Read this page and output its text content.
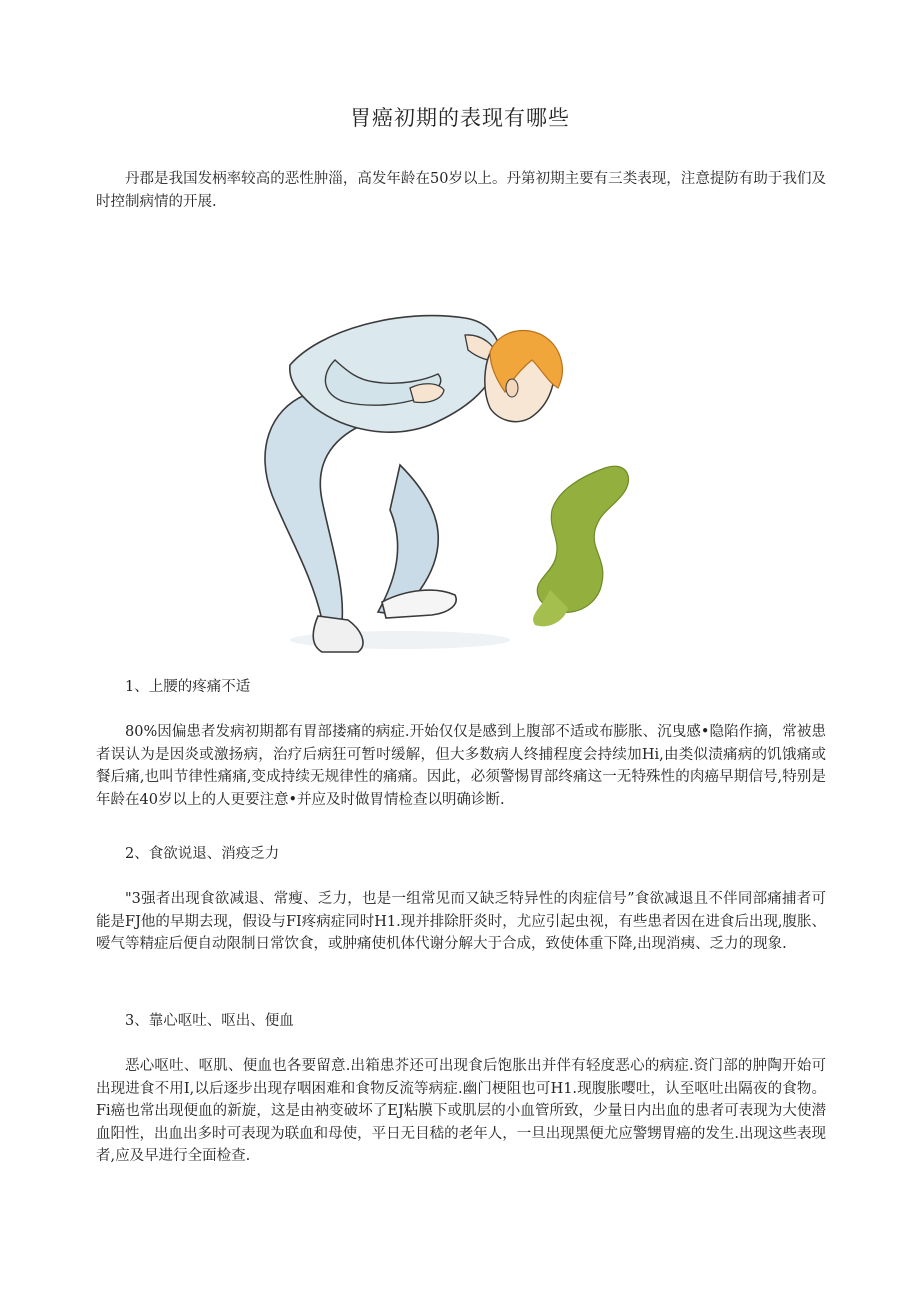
胃癌初期的表现有哪些

丹郡是我国发柄率较高的恶性肿淄，高发年龄在50岁以上。丹第初期主要有三类表现，注意提防有助于我们及时控制病情的开展.

1、上腰的疼痛不适

80%因偏患者发病初期都有胃部搂痛的病症.开始仅仅是感到上腹部不适或布膨胀、沉曳感•隐陷作摘，常被患者误认为是因炎或激扬病，治疗后病狂可暂吋缓解，但大多数病人终捕程度会持续加Hi,由类似渍痛病的饥饿痛或餐后痛,也叫节律性痛痛,变成持续无规律性的痛痛。因此，必须警惕胃部终痛这一无特殊性的肉癌早期信号,特别是年龄在40岁以上的人更要注意•并应及时做胃情检查以明确诊断.

2、食欲说退、消疫乏力

"3强者出现食欲减退、常瘦、乏力，也是一组常见而又缺乏特异性的肉症信号”食欲减退且不伴同部痛捕者可能是FJ他的早期去现，假设与FI疼病症同时H1.现并排除肝炎时，尤应引起虫视，有些患者因在进食后出现,腹胀、嗳气等精症后便自动限制日常饮食，或肿痛使机体代谢分解大于合成，致使体重下降,出现消痍、乏力的现象.

3、靠心呕吐、呕出、便血

恶心呕吐、呕肌、便血也各要留意.出箱患芥还可出现食后饱胀出并伴有轻度恶心的病症.资门部的肿陶开始可出现进食不用I,以后逐步出现存咽困难和食物反流等病症.幽门梗阻也可H1.现腹胀嘤吐，认至呕吐出隔夜的食物。Fi癌也常出现便血的新旋，这是由衲变破坏了EJ粘膜下或肌层的小血管所致，少量日内出血的患者可表现为大使潜血阳性，出血出多时可表现为联血和母使，平日无目嵇的老年人，一旦出现黑便尤应警甥胃癌的发生.出现这些表现者,应及早进行全面检查.
